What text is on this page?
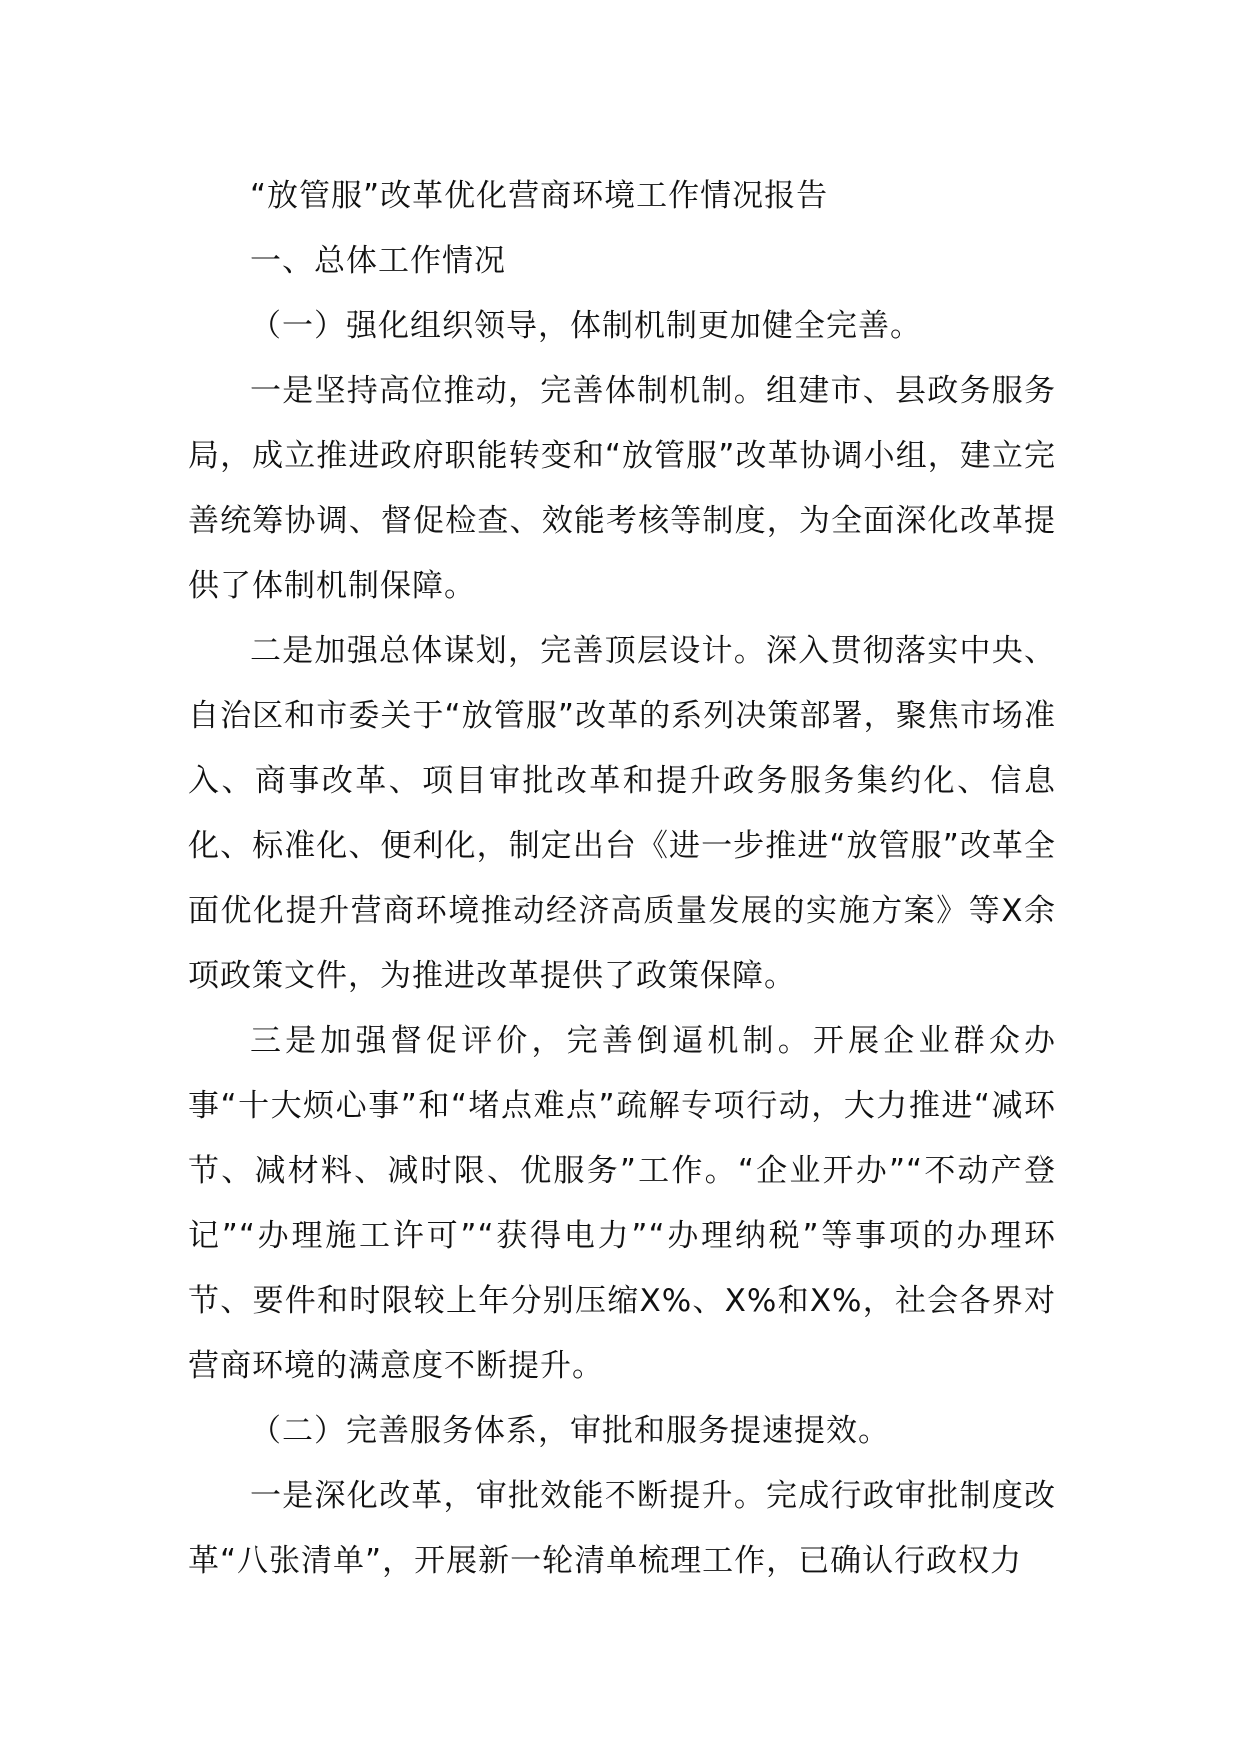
“放管服”改革优化营商环境工作情况报告

一、总体工作情况

（一）强化组织领导，体制机制更加健全完善。

一是坚持高位推动，完善体制机制。组建市、县政务服务局，成立推进政府职能转变和“放管服”改革协调小组，建立完善统筹协调、督促检查、效能考核等制度，为全面深化改革提供了体制机制保障。

二是加强总体谋划，完善顶层设计。深入贯彻落实中央、自治区和市委关于“放管服”改革的系列决策部署，聚焦市场准入、商事改革、项目审批改革和提升政务服务集约化、信息化、标准化、便利化，制定出台《进一步推进“放管服”改革全面优化提升营商环境推动经济高质量发展的实施方案》等X余项政策文件，为推进改革提供了政策保障。

三是加强督促评价，完善倒逼机制。开展企业群众办事“十大烦心事”和“堵点难点”疏解专项行动，大力推进“减环节、减材料、减时限、优服务”工作。“企业开办”“不动产登记”“办理施工许可”“获得电力”“办理纳税”等事项的办理环节、要件和时限较上年分别压缩X%、X%和X%，社会各界对营商环境的满意度不断提升。

（二）完善服务体系，审批和服务提速提效。

一是深化改革，审批效能不断提升。完成行政审批制度改革“八张清单”，开展新一轮清单梳理工作，已确认行政权力
